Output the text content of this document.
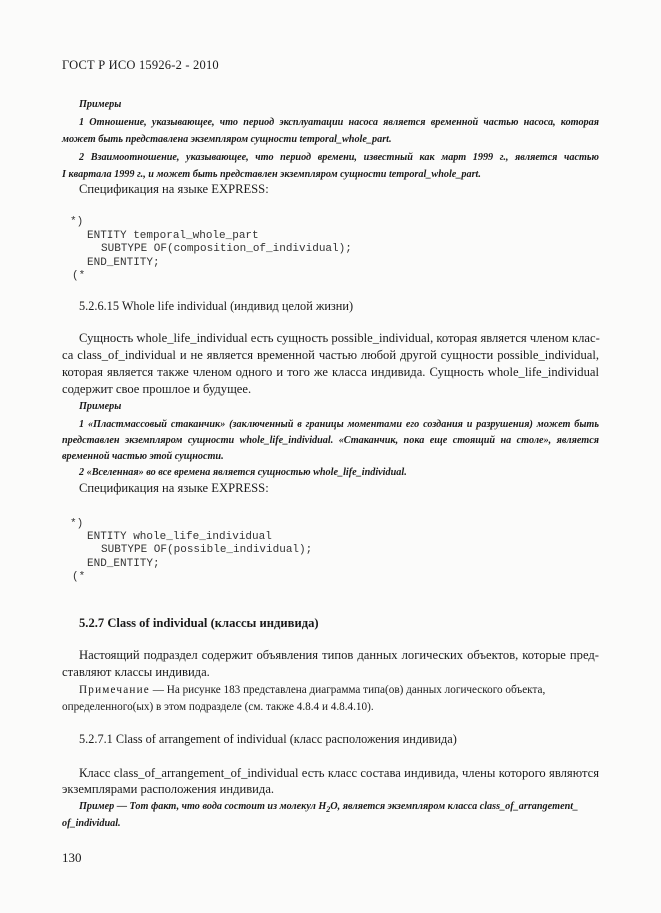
ГОСТ Р ИСО 15926-2 - 2010
Примеры
1 Отношение, указывающее, что период эксплуатации насоса является временной частью насоса, которая
может быть представлена экземпляром сущности temporal_whole_part.
2 Взаимоотношение, указывающее, что период времени, известный как март 1999 г., является частью
I квартала 1999 г., и может быть представлен экземпляром сущности temporal_whole_part.
Спецификация на языке EXPRESS:
*)
ENTITY temporal_whole_part
SUBTYPE OF(composition_of_individual);
END_ENTITY;
(*
5.2.6.15 Whole life individual (индивид целой жизни)
Сущность whole_life_individual есть сущность possible_individual, которая является членом клас-
са class_of_individual и не является временной частью любой другой сущности possible_individual,
которая является также членом одного и того же класса индивида. Сущность whole_life_individual
содержит свое прошлое и будущее.
Примеры
1 «Пластмассовый стаканчик» (заключенный в границы моментами его создания и разрушения) может быть
представлен экземпляром сущности whole_life_individual. «Стаканчик, пока еще стоящий на столе», является
временной частью этой сущности.
2 «Вселенная» во все времена является сущностью whole_life_individual.
Спецификация на языке EXPRESS:
*)
ENTITY whole_life_individual
SUBTYPE OF(possible_individual);
END_ENTITY;
(*
5.2.7 Class of individual (классы индивида)
Настоящий подраздел содержит объявления типов данных логических объектов, которые пред-
ставляют классы индивида.
Примечание — На рисунке 183 представлена диаграмма типа(ов) данных логического объекта,
определенного(ых) в этом подразделе (см. также 4.8.4 и 4.8.4.10).
5.2.7.1 Class of arrangement of individual (класс расположения индивида)
Класс class_of_arrangement_of_individual есть класс состава индивида, члены которого являются
экземплярами расположения индивида.
Пример — Тот факт, что вода состоит из молекул $H_2O$, является экземпляром класса class_of_arrangement_
of_individual.
130
